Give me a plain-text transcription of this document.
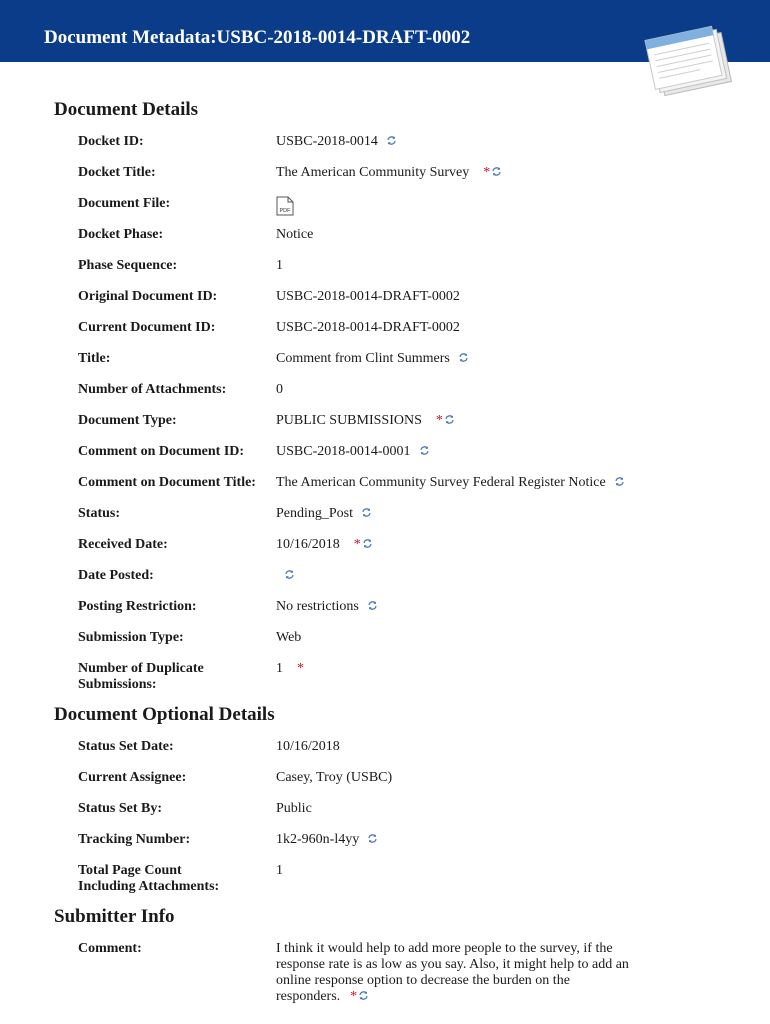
Document Metadata:USBC-2018-0014-DRAFT-0002
Document Details
Docket ID:	USBC-2018-0014
Docket Title:	The American Community Survey *
Document File:	PDF
Docket Phase:	Notice
Phase Sequence:	1
Original Document ID:	USBC-2018-0014-DRAFT-0002
Current Document ID:	USBC-2018-0014-DRAFT-0002
Title:	Comment from Clint Summers
Number of Attachments:	0
Document Type:	PUBLIC SUBMISSIONS *
Comment on Document ID:	USBC-2018-0014-0001
Comment on Document Title:	The American Community Survey Federal Register Notice
Status:	Pending_Post
Received Date:	10/16/2018 *
Date Posted:
Posting Restriction:	No restrictions
Submission Type:	Web
Number of Duplicate Submissions:
1 *
Document Optional Details
Status Set Date:	10/16/2018
Current Assignee:	Casey, Troy (USBC)
Status Set By:	Public
Tracking Number:	1k2-960n-l4yy
Total Page Count Including Attachments:
1
Submitter Info
Comment:	I think it would help to add more people to the survey, if the response rate is as low as you say. Also, it might help to add an online response option to decrease the burden on the responders. *
